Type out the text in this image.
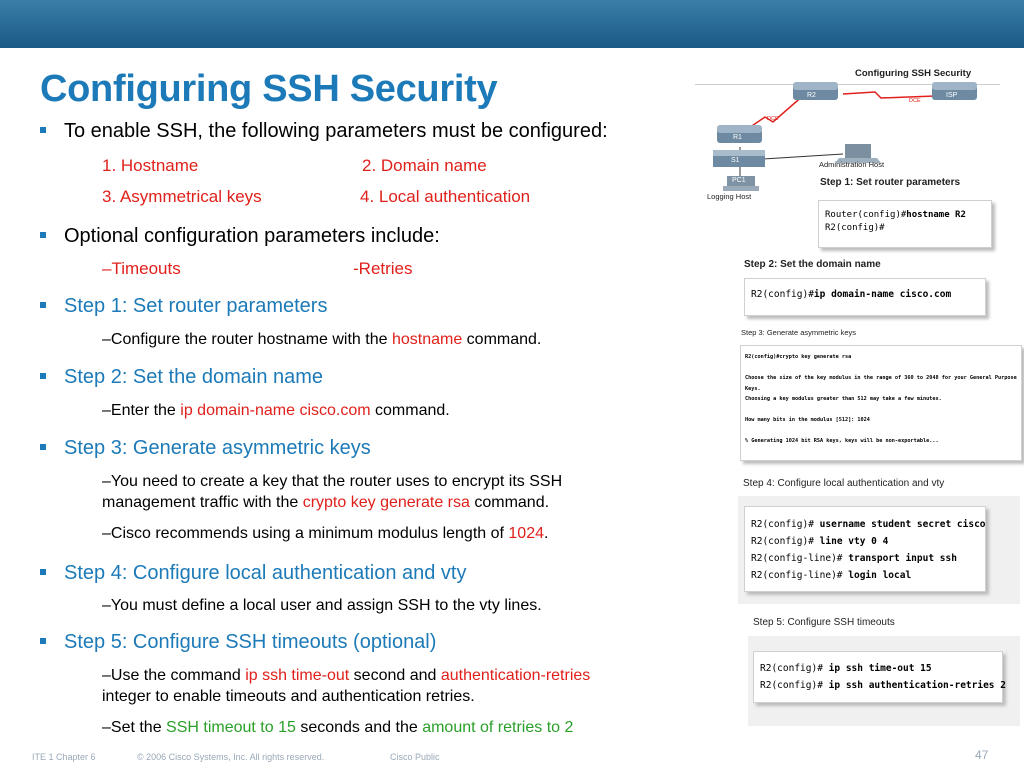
Configuring SSH Security
To enable SSH, the following parameters must be configured:
1. Hostname	2. Domain name
3. Asymmetrical keys	4. Local authentication
Optional configuration parameters include:
–Timeouts	-Retries
Step 1: Set router parameters
–Configure the router hostname with the hostname command.
Step 2: Set the domain name
–Enter the ip domain-name cisco.com command.
Step 3: Generate asymmetric keys
–You need to create a key that the router uses to encrypt its SSH
management traffic with the crypto key generate rsa command.
–Cisco recommends using a minimum modulus length of 1024.
Step 4: Configure local authentication and vty
–You must define a local user and assign SSH to the vty lines.
Step 5: Configure SSH timeouts (optional)
–Use the command ip ssh time-out second and authentication-retries
integer to enable timeouts and authentication retries.
–Set the SSH timeout to 15 seconds and the amount of retries to 2
Configuring SSH Security
R2	ISP
R1
S1
PC1
DCE
DCE
Administration Host
Logging Host
Step 1: Set router parameters
Router(config)#hostname R2
R2(config)#
Step 2: Set the domain name
R2(config)#ip domain-name cisco.com
Step 3: Generate asymmetric keys
R2(config)#crypto key generate rsa

Choose the size of the key modulus in the range of 360 to 2048 for your General Purpose
Keys.
Choosing a key modulus greater than 512 may take a few minutes.

How many bits in the modulus [512]: 1024

% Generating 1024 bit RSA keys, keys will be non-exportable...
Step 4: Configure local authentication and vty
R2(config)# username student secret cisco
R2(config)# line vty 0 4
R2(config-line)# transport input ssh
R2(config-line)# login local
Step 5: Configure SSH timeouts
R2(config)# ip ssh time-out 15
R2(config)# ip ssh authentication-retries 2
ITE 1 Chapter 6	© 2006 Cisco Systems, Inc. All rights reserved.	Cisco Public	47
